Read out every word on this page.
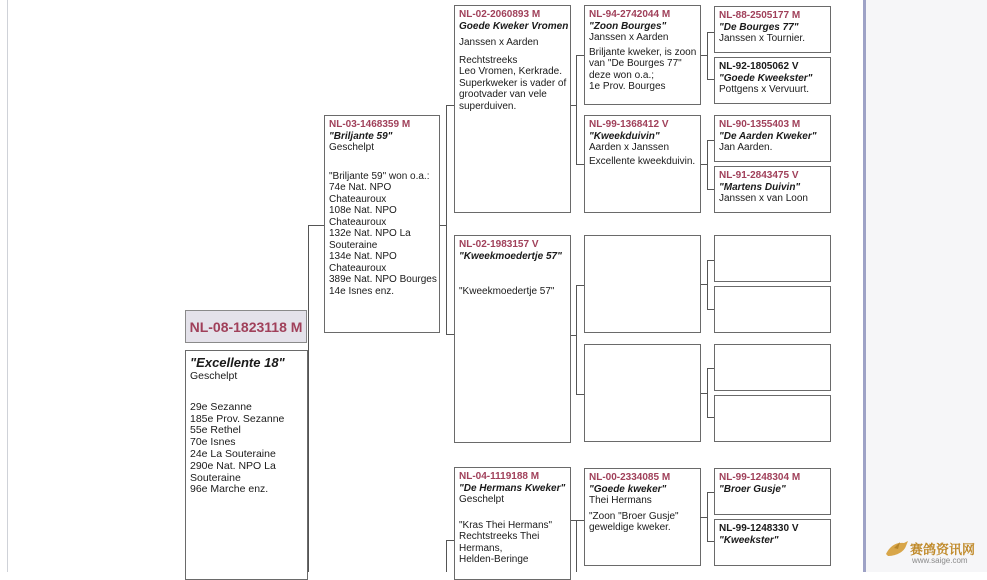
NL-08-1823118 M
"Excellente 18"
Geschelpt
29e Sezanne
185e Prov. Sezanne
55e Rethel
70e Isnes
24e La Souteraine
290e Nat. NPO La
Souteraine
96e Marche enz.
NL-03-1468359 M
"Briljante 59"
Geschelpt
"Briljante 59" won o.a.:
74e Nat. NPO
Chateauroux
108e Nat. NPO
Chateauroux
132e Nat. NPO La
Souteraine
134e Nat. NPO
Chateauroux
389e Nat. NPO Bourges
14e Isnes enz.
NL-02-2060893 M
Goede Kweker Vromen
Janssen x Aarden
Rechtstreeks
Leo Vromen, Kerkrade.
Superkweker is vader of
grootvader van vele
superduiven.
NL-02-1983157 V
"Kweekmoedertje 57"
"Kweekmoedertje 57"
NL-04-1119188 M
"De Hermans Kweker"
Geschelpt
"Kras Thei Hermans"
Rechtstreeks Thei
Hermans,
Helden-Beringe
NL-94-2742044 M
"Zoon Bourges"
Janssen x Aarden
Briljante kweker, is zoon
van "De Bourges 77"
deze won o.a.;
1e Prov. Bourges
NL-99-1368412 V
"Kweekduivin"
Aarden x Janssen
Excellente kweekduivin.
NL-00-2334085 M
"Goede kweker"
Thei Hermans
"Zoon "Broer Gusje"
geweldige kweker.
NL-88-2505177 M
"De Bourges 77"
Janssen x Tournier.
NL-92-1805062 V
"Goede Kweekster"
Pottgens x Vervuurt.
NL-90-1355403 M
"De Aarden Kweker"
Jan Aarden.
NL-91-2843475 V
"Martens Duivin"
Janssen x van Loon
NL-99-1248304 M
"Broer Gusje"
NL-99-1248330 V
"Kweekster"
赛鸽资讯网
www.saige.com
